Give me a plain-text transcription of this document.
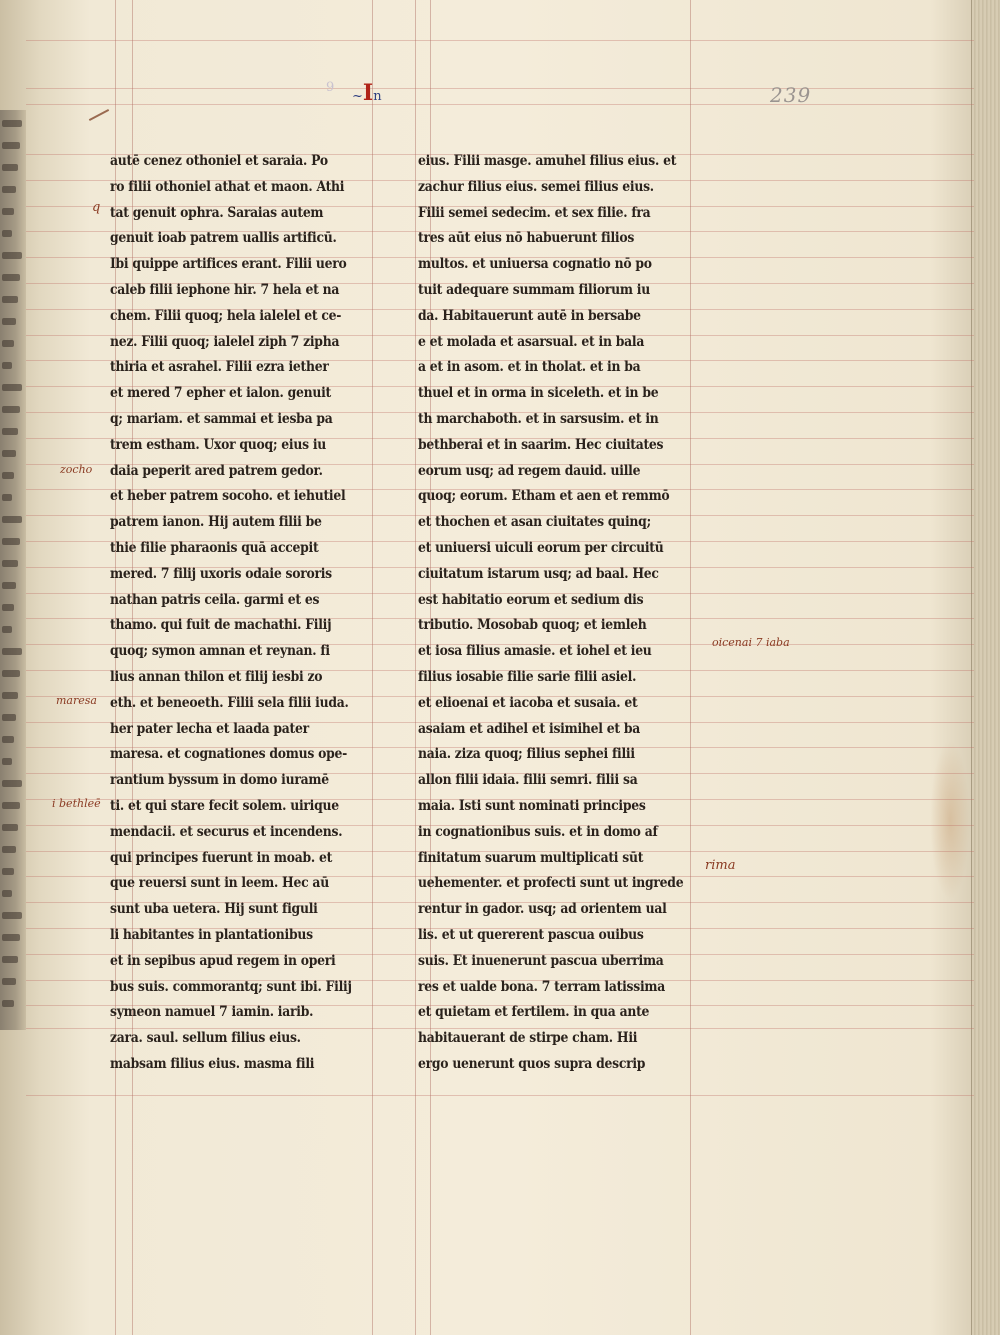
9
~In	239
autē cenez othoniel et saraia. Po
ro filii othoniel athat et maon. Athi
tat genuit ophra. Saraias autem
genuit ioab patrem uallis artificū.
Ibi quippe artifices erant. Filii uero
caleb filii iephone hir. 7 hela et na
chem. Filii quoq; hela ialelel et ce-
nez. Filii quoq; ialelel ziph 7 zipha
thiria et asrahel. Filii ezra iether
et mered 7 epher et ialon. genuit
q; mariam. et sammai et iesba pa
trem estham. Uxor quoq; eius iu
daia peperit ared patrem gedor.
et heber patrem socoho. et iehutiel
patrem ianon. Hij autem filii be
thie filie pharaonis quā accepit
mered. 7 filij uxoris odaie sororis
nathan patris ceila. garmi et es
thamo. qui fuit de machathi. Filij
quoq; symon amnan et reynan. fi
lius annan thilon et filij iesbi zo
eth. et beneoeth. Filii sela filii iuda.
her pater lecha et laada pater
maresa. et cognationes domus ope-
rantium byssum in domo iuramē
ti. et qui stare fecit solem. uirique
mendacii. et securus et incendens.
qui principes fuerunt in moab. et
que reuersi sunt in leem. Hec aū
sunt uba uetera. Hij sunt figuli
li habitantes in plantationibus
et in sepibus apud regem in operi
bus suis. commorantq; sunt ibi. Filij
symeon namuel 7 iamin. iarib.
zara. saul. sellum filius eius.
mabsam filius eius. masma fili
eius. Filii masge. amuhel filius eius. et
zachur filius eius. semei filius eius.
Filii semei sedecim. et sex filie. fra
tres aūt eius nō habuerunt filios
multos. et uniuersa cognatio nō po
tuit adequare summam filiorum iu
da. Habitauerunt autē in bersabe
e et molada et asarsual. et in bala
a et in asom. et in tholat. et in ba
thuel et in orma in siceleth. et in be
th marchaboth. et in sarsusim. et in
bethberai et in saarim. Hec ciuitates
eorum usq; ad regem dauid. uille
quoq; eorum. Etham et aen et remmō
et thochen et asan ciuitates quinq;
et uniuersi uiculi eorum per circuitū
ciuitatum istarum usq; ad baal. Hec
est habitatio eorum et sedium dis
tributio. Mosobab quoq; et iemleh
et iosa filius amasie. et iohel et ieu
filius iosabie filie sarie filii asiel.
et elioenai et iacoba et susaia. et
asaiam et adihel et isimihel et ba
naia. ziza quoq; filius sephei filii
allon filii idaia. filii semri. filii sa
maia. Isti sunt nominati principes
in cognationibus suis. et in domo af
finitatum suarum multiplicati sūt
uehementer. et profecti sunt ut ingrede
rentur in gador. usq; ad orientem ual
lis. et ut quererent pascua ouibus
suis. Et inuenerunt pascua uberrima
res et ualde bona. 7 terram latissima
et quietam et fertilem. in qua ante
habitauerant de stirpe cham. Hii
ergo uenerunt quos supra descrip
q
zocho
maresa
i bethleē
oicenai 7 iaba
rima
